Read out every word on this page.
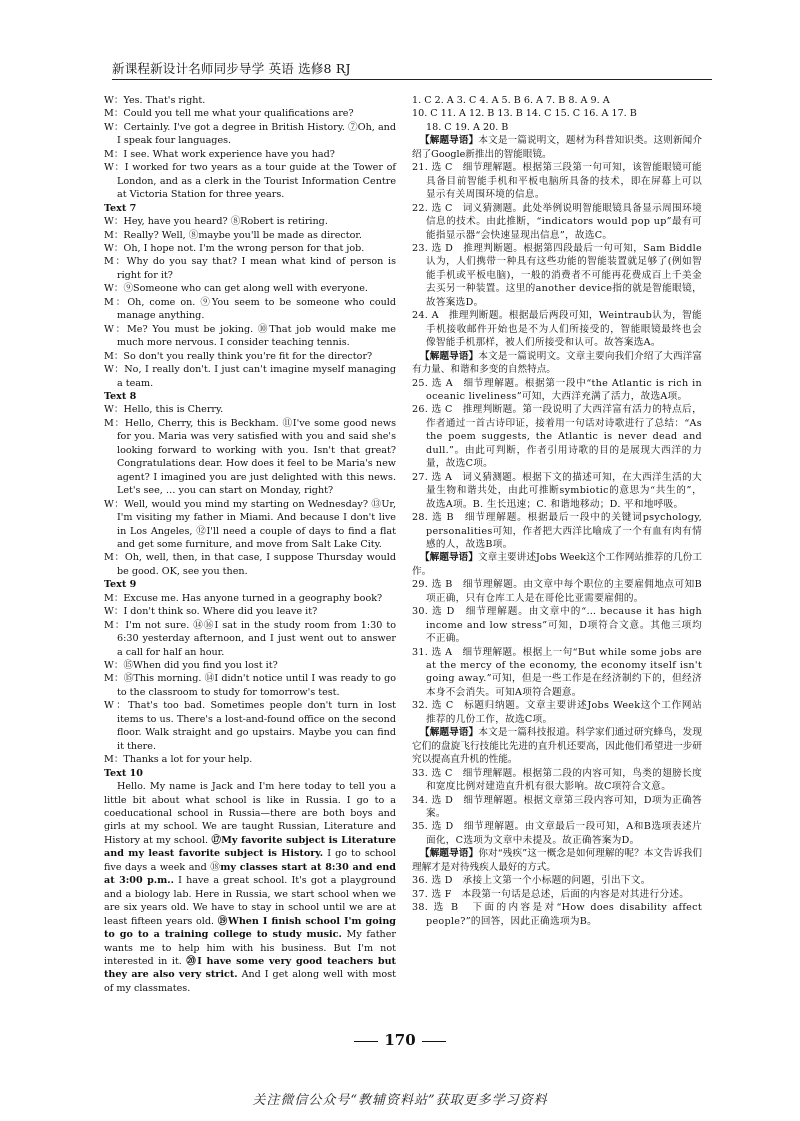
新课程新设计名师同步导学 英语 选修8 RJ

W：Yes. That's right.

M：Could you tell me what your qualifications are?

W：Certainly. I've got a degree in British History. ⑦Oh, and I speak four languages.

M：I see. What work experience have you had?

W：I worked for two years as a tour guide at the Tower of London, and as a clerk in the Tourist Information Centre at Victoria Station for three years.

Text 7

W：Hey, have you heard? ⑧Robert is retiring.

M：Really? Well, ⑧maybe you'll be made as director.

W：Oh, I hope not. I'm the wrong person for that job.

M：Why do you say that? I mean what kind of person is right for it?

W：⑨Someone who can get along well with everyone.

M：Oh, come on. ⑨You seem to be someone who could manage anything.

W：Me? You must be joking. ⑩That job would make me much more nervous. I consider teaching tennis.

M：So don't you really think you're fit for the director?

W：No, I really don't. I just can't imagine myself managing a team.

Text 8

W：Hello, this is Cherry.

M：Hello, Cherry, this is Beckham. ⑪I've some good news for you. Maria was very satisfied with you and said she's looking forward to working with you. Isn't that great? Congratulations dear. How does it feel to be Maria's new agent? I imagined you are just delighted with this news. Let's see, … you can start on Monday, right?

W：Well, would you mind my starting on Wednesday? ⑬Ur, I'm visiting my father in Miami. And because I don't live in Los Angeles, ⑫I'll need a couple of days to find a flat and get some furniture, and move from Salt Lake City.

M：Oh, well, then, in that case, I suppose Thursday would be good. OK, see you then.

Text 9

M：Excuse me. Has anyone turned in a geography book?

W：I don't think so. Where did you leave it?

M：I'm not sure. ⑭⑯I sat in the study room from 1:30 to 6:30 yesterday afternoon, and I just went out to answer a call for half an hour.

W：⑮When did you find you lost it?

M：⑮This morning. ⑭I didn't notice until I was ready to go to the classroom to study for tomorrow's test.

W：That's too bad. Sometimes people don't turn in lost items to us. There's a lost-and-found office on the second floor. Walk straight and go upstairs. Maybe you can find it there.

M：Thanks a lot for your help.

Text 10

Hello. My name is Jack and I'm here today to tell you a little bit about what school is like in Russia. I go to a coeducational school in Russia—there are both boys and girls at my school. We are taught Russian, Literature and History at my school. ⑰My favorite subject is Literature and my least favorite subject is History. I go to school five days a week and ⑱my classes start at 8:30 and end at 3:00 p.m.. I have a great school. It's got a playground and a biology lab. Here in Russia, we start school when we are six years old. We have to stay in school until we are at least fifteen years old. ⑲When I finish school I'm going to go to a training college to study music. My father wants me to help him with his business. But I'm not interested in it. ⑳I have some very good teachers but they are also very strict. And I get along well with most of my classmates.

1. C 2. A 3. C 4. A 5. B 6. A 7. B 8. A 9. A

10. C 11. A 12. B 13. B 14. C 15. C 16. A 17. B

18. C 19. A 20. B

【解题导语】本文是一篇说明文，题材为科普知识类。这则新闻介绍了Google新推出的智能眼镜。

21. 选 C　细节理解题。根据第三段第一句可知，该智能眼镜可能具备目前智能手机和平板电脑所具备的技术，即在屏幕上可以显示有关周围环境的信息。

22. 选 C　词义猜测题。此处举例说明智能眼镜具备显示周围环境信息的技术。由此推断，“indicators would pop up”最有可能指显示器“会快速显现出信息”，故选C。

23. 选 D　推理判断题。根据第四段最后一句可知，Sam Biddle认为，人们携带一种具有这些功能的智能装置就足够了(例如智能手机或平板电脑)，一般的消费者不可能再花费成百上千美金去买另一种装置。这里的another device指的就是智能眼镜，故答案选D。

24. A　推理判断题。根据最后两段可知，Weintraub认为，智能手机接收邮件开始也是不为人们所接受的，智能眼镜最终也会像智能手机那样，被人们所接受和认可。故答案选A。

【解题导语】本文是一篇说明文。文章主要向我们介绍了大西洋富有力量、和谐和多变的自然特点。

25. 选 A　细节理解题。根据第一段中“the Atlantic is rich in oceanic liveliness”可知，大西洋充满了活力，故选A项。

26. 选 C　推理判断题。第一段说明了大西洋富有活力的特点后，作者通过一首古诗印证，接着用一句话对诗歌进行了总结：“As the poem suggests, the Atlantic is never dead and dull.”。由此可判断，作者引用诗歌的目的是展现大西洋的力量，故选C项。

27. 选 A　词义猜测题。根据下文的描述可知，在大西洋生活的大量生物和谐共处，由此可推断symbiotic的意思为“共生的”，故选A项。B. 生长迅速；C. 和谐地移动；D. 平和地呼吸。

28. 选 B　细节理解题。根据最后一段中的关键词psychology, personalities可知，作者把大西洋比喻成了一个有血有肉有情感的人，故选B项。

【解题导语】文章主要讲述Jobs Week这个工作网站推荐的几份工作。

29. 选 B　细节理解题。由文章中每个职位的主要雇佣地点可知B项正确，只有仓库工人是在哥伦比亚需要雇佣的。

30. 选 D　细节理解题。由文章中的“… because it has high income and low stress”可知，D项符合文意。其他三项均不正确。

31. 选 A　细节理解题。根据上一句“But while some jobs are at the mercy of the economy, the economy itself isn't going away.”可知，但是一些工作是在经济制约下的，但经济本身不会消失。可知A项符合题意。

32. 选 C　标题归纳题。文章主要讲述Jobs Week这个工作网站推荐的几份工作，故选C项。

【解题导语】本文是一篇科技报道。科学家们通过研究蜂鸟，发现它们的盘旋飞行技能比先进的直升机还要高，因此他们希望进一步研究以提高直升机的性能。

33. 选 C　细节理解题。根据第二段的内容可知，鸟类的翅膀长度和宽度比例对建造直升机有很大影响。故C项符合文意。

34. 选 D　细节理解题。根据文章第三段内容可知，D项为正确答案。

35. 选 D　细节理解题。由文章最后一段可知，A和B选项表述片面化，C选项为文章中未提及。故正确答案为D。

【解题导语】你对“残疾”这一概念是如何理解的呢？本文告诉我们理解才是对待残疾人最好的方式。

36. 选 D　承接上文第一个小标题的问题，引出下文。

37. 选 F　本段第一句话是总述，后面的内容是对其进行分述。

38. 选 B　下面的内容是对“How does disability affect people?”的回答，因此正确选项为B。

170
关注微信公众号“教辅资料站”获取更多学习资料
